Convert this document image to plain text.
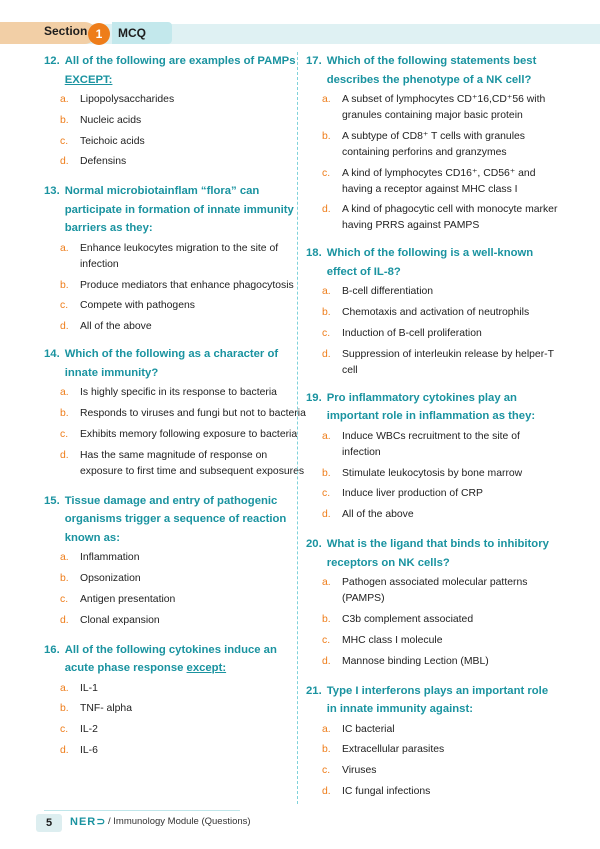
Section 1	MCQ
12. All of the following are examples of PAMPs EXCEPT:
a.	Lipopolysaccharides
b.	Nucleic acids
c.	Teichoic acids
d.	Defensins
13. Normal microbiotainflam “flora” can participate in formation of innate immunity barriers as they:
a.	Enhance leukocytes migration to the site of infection
b.	Produce mediators that enhance phagocytosis
c.	Compete with pathogens
d.	All of the above
14. Which of the following as a character of innate immunity?
a.	Is highly specific in its response to bacteria
b.	Responds to viruses and fungi but not to bacteria
c.	Exhibits memory following exposure to bacteria
d.	Has the same magnitude of response on exposure to first time and subsequent exposures
15. Tissue damage and entry of pathogenic organisms trigger a sequence of reaction known as:
a.	Inflammation
b.	Opsonization
c.	Antigen presentation
d.	Clonal expansion
16. All of the following cytokines induce an acute phase response except:
a.	IL-1
b.	TNF- alpha
c.	IL-2
d.	IL-6
17. Which of the following statements best describes the phenotype of a NK cell?
a.	A subset of lymphocytes CD⁺16,CD⁺56 with granules containing major basic protein
b.	A subtype of CD8⁺ T cells with granules containing perforins and granzymes
c.	A kind of lymphocytes CD16⁺, CD56⁺ and having a receptor against MHC class I
d.	A kind of phagocytic cell with monocyte marker having PRRS against PAMPS
18. Which of the following is a well-known effect of IL-8?
a.	B-cell differentiation
b.	Chemotaxis and activation of neutrophils
c.	Induction of B-cell proliferation
d.	Suppression of interleukin release by helper-T cell
19. Pro inflammatory cytokines play an important role in inflammation as they:
a.	Induce WBCs recruitment to the site of infection
b.	Stimulate leukocytosis by bone marrow
c.	Induce liver production of CRP
d.	All of the above
20. What is the ligand that binds to inhibitory receptors on NK cells?
a.	Pathogen associated molecular patterns (PAMPS)
b.	C3b complement associated
c.	MHC class I molecule
d.	Mannose binding Lection (MBL)
21. Type I interferons plays an important role in innate immunity against:
a.	IC bacterial
b.	Extracellular parasites
c.	Viruses
d.	IC fungal infections
5	NER⊃ / Immunology Module (Questions)
